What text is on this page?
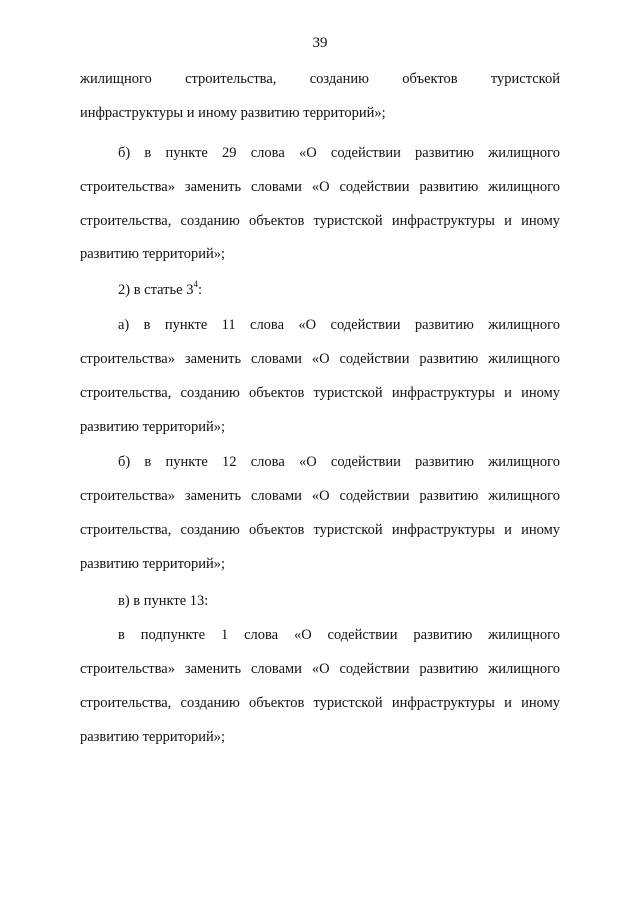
39
жилищного строительства, созданию объектов туристской
инфраструктуры и иному развитию территорий»;
б) в пункте 29 слова «О содействии развитию жилищного
строительства» заменить словами «О содействии развитию жилищного
строительства, созданию объектов туристской инфраструктуры и иному
развитию территорий»;
2) в статье $3^4$:
а) в пункте 11 слова «О содействии развитию жилищного
строительства» заменить словами «О содействии развитию жилищного
строительства, созданию объектов туристской инфраструктуры и иному
развитию территорий»;
б) в пункте 12 слова «О содействии развитию жилищного
строительства» заменить словами «О содействии развитию жилищного
строительства, созданию объектов туристской инфраструктуры и иному
развитию территорий»;
в) в пункте 13:
в подпункте 1 слова «О содействии развитию жилищного
строительства» заменить словами «О содействии развитию жилищного
строительства, созданию объектов туристской инфраструктуры и иному
развитию территорий»;
